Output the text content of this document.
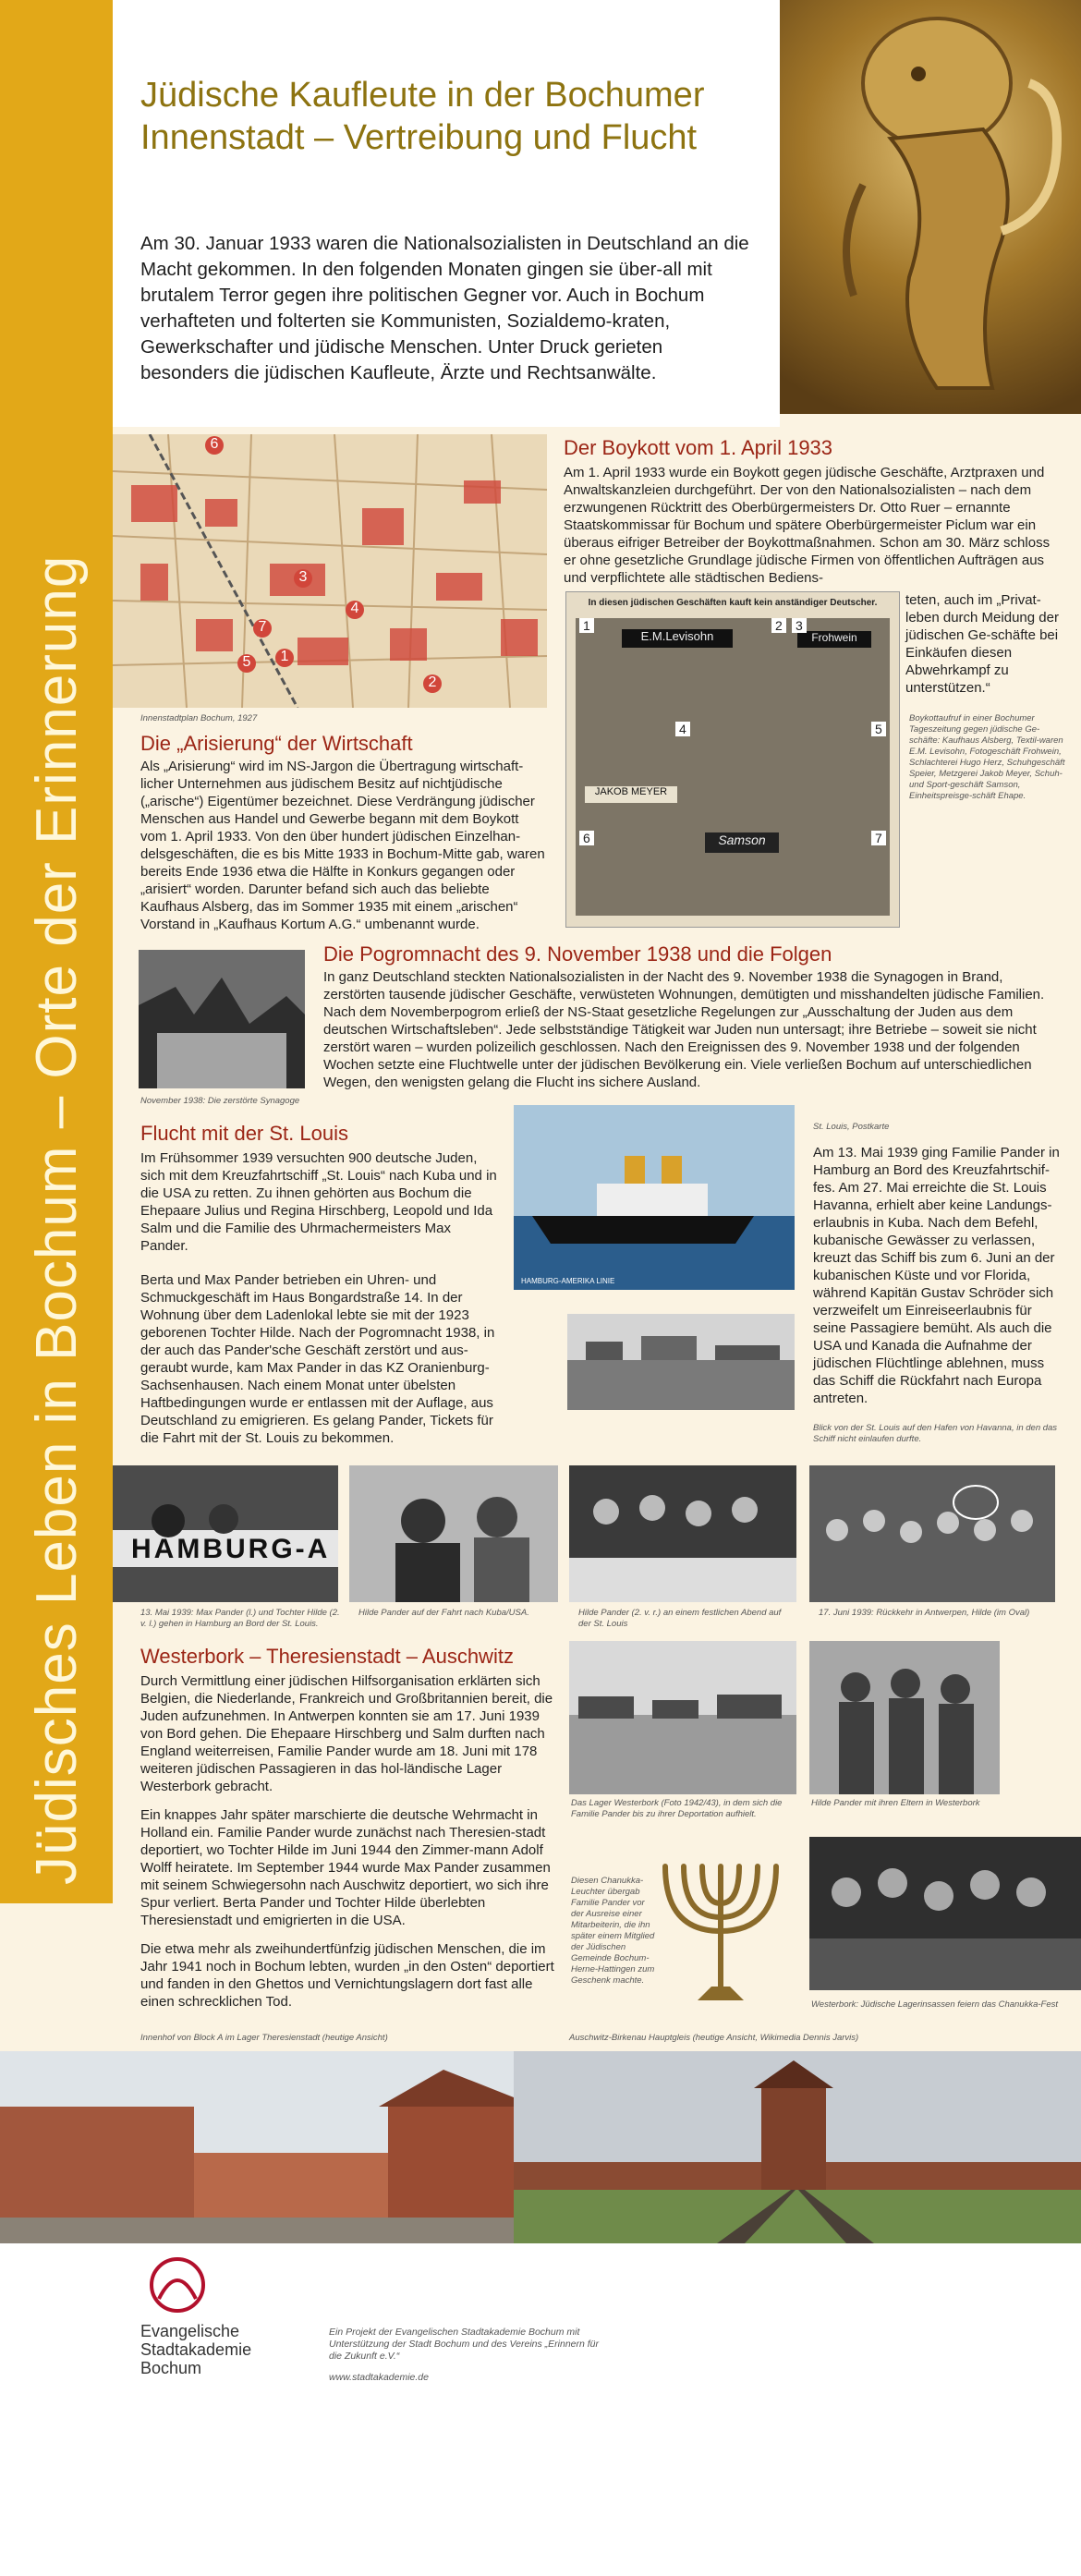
Jüdisches Leben in Bochum – Orte der Erinnerung
Jüdische Kaufleute in der Bochumer Innenstadt – Vertreibung und Flucht
Am 30. Januar 1933 waren die Nationalsozialisten in Deutschland an die Macht gekommen. In den folgenden Monaten gingen sie über-all mit brutalem Terror gegen ihre politischen Gegner vor. Auch in Bochum verhafteten und folterten sie Kommunisten, Sozialdemo-kraten, Gewerkschafter und jüdische Menschen. Unter Druck gerieten besonders die jüdischen Kaufleute, Ärzte und Rechtsanwälte.
6
3
4
7
5	1
2
Innenstadtplan Bochum, 1927
Der Boykott vom 1. April 1933
Am 1. April 1933 wurde ein Boykott gegen jüdische Geschäfte, Arztpraxen und Anwaltskanzleien durchgeführt. Der von den Nationalsozialisten – nach dem erzwungenen Rücktritt des Oberbürgermeisters Dr. Otto Ruer – ernannte Staatskommissar für Bochum und spätere Oberbürgermeister Piclum war ein überaus eifriger Betreiber der Boykottmaßnahmen. Schon am 30. März schloss er ohne gesetzliche Grundlage jüdische Firmen von öffentlichen Aufträgen aus und verpflichtete alle städtischen Bediens-
teten, auch im „Privat-leben durch Meidung der jüdischen Ge-schäfte bei Einkäufen diesen Abwehrkampf zu unterstützen.“
In diesen jüdischen Geschäften kauft kein anständiger Deutscher.
E.M.Levisohn	Frohwein
JAKOB MEYER
Samson
1	2 3
4	5
6	7
Boykottaufruf in einer Bochumer Tageszeitung gegen jüdische Ge-schäfte: Kaufhaus Alsberg, Textil-waren E.M. Levisohn, Fotogeschäft Frohwein, Schlachterei Hugo Herz, Schuhgeschäft Speier, Metzgerei Jakob Meyer, Schuh- und Sport-geschäft Samson, Einheitspreisge-schäft Ehape.
Die „Arisierung“ der Wirtschaft
Als „Arisierung“ wird im NS-Jargon die Übertragung wirtschaft-licher Unternehmen aus jüdischem Besitz auf nichtjüdische („arische“) Eigentümer bezeichnet. Diese Verdrängung jüdischer Menschen aus Handel und Gewerbe begann mit dem Boykott vom 1. April 1933. Von den über hundert jüdischen Einzelhan-delsgeschäften, die es bis Mitte 1933 in Bochum-Mitte gab, waren bereits Ende 1936 etwa die Hälfte in Konkurs gegangen oder „arisiert“ worden. Darunter befand sich auch das beliebte Kaufhaus Alsberg, das im Sommer 1935 mit einem „arischen“ Vorstand in „Kaufhaus Kortum A.G.“ umbenannt wurde.
November 1938: Die zerstörte Synagoge
Die Pogromnacht des 9. November 1938 und die Folgen
In ganz Deutschland steckten Nationalsozialisten in der Nacht des 9. November 1938 die Synagogen in Brand, zerstörten tausende jüdischer Geschäfte, verwüsteten Wohnungen, demütigten und misshandelten jüdische Familien. Nach dem Novemberpogrom erließ der NS-Staat gesetzliche Regelungen zur „Ausschaltung der Juden aus dem deutschen Wirtschaftsleben“. Jede selbstständige Tätigkeit war Juden nun untersagt; ihre Betriebe – soweit sie nicht zerstört waren – wurden polizeilich geschlossen. Nach den Ereignissen des 9. November 1938 und der folgenden Wochen setzte eine Fluchtwelle unter der jüdischen Bevölkerung ein. Viele verließen Bochum auf unterschiedlichen Wegen, den wenigsten gelang die Flucht ins sichere Ausland.
Flucht mit der St. Louis
Im Frühsommer 1939 versuchten 900 deutsche Juden, sich mit dem Kreuzfahrtschiff „St. Louis“ nach Kuba und in die USA zu retten. Zu ihnen gehörten aus Bochum die Ehepaare Julius und Regina Hirschberg, Leopold und Ida Salm und die Familie des Uhrmachermeisters Max Pander.
Berta und Max Pander betrieben ein Uhren- und Schmuckgeschäft im Haus Bongardstraße 14. In der Wohnung über dem Ladenlokal lebte sie mit der 1923 geborenen Tochter Hilde. Nach der Pogromnacht 1938, in der auch das Pander'sche Geschäft zerstört und aus-geraubt wurde, kam Max Pander in das KZ Oranienburg-Sachsenhausen. Nach einem Monat unter übelsten Haftbedingungen wurde er entlassen mit der Auflage, aus Deutschland zu emigrieren. Es gelang Pander, Tickets für die Fahrt mit der St. Louis zu bekommen.
HAMBURG-AMERIKA LINIE
St. Louis, Postkarte
Am 13. Mai 1939 ging Familie Pander in Hamburg an Bord des Kreuzfahrtschif-fes. Am 27. Mai erreichte die St. Louis Havanna, erhielt aber keine Landungs-erlaubnis in Kuba. Nach dem Befehl, kubanische Gewässer zu verlassen, kreuzt das Schiff bis zum 6. Juni an der kubanischen Küste und vor Florida, während Kapitän Gustav Schröder sich verzweifelt um Einreiseerlaubnis für seine Passagiere bemüht. Als auch die USA und Kanada die Aufnahme der jüdischen Flüchtlinge ablehnen, muss das Schiff die Rückfahrt nach Europa antreten.
Blick von der St. Louis auf den Hafen von Havanna, in den das Schiff nicht einlaufen durfte.
HAMBURG-A
13. Mai 1939: Max Pander (l.) und Tochter Hilde (2. v. l.) gehen in Hamburg an Bord der St. Louis.
Hilde Pander auf der Fahrt nach Kuba/USA.	Hilde Pander (2. v. r.) an einem festlichen Abend auf der St. Louis
17. Juni 1939: Rückkehr in Antwerpen, Hilde (im Oval)
Westerbork – Theresienstadt – Auschwitz
Durch Vermittlung einer jüdischen Hilfsorganisation erklärten sich Belgien, die Niederlande, Frankreich und Großbritannien bereit, die Juden aufzunehmen. In Antwerpen konnten sie am 17. Juni 1939 von Bord gehen. Die Ehepaare Hirschberg und Salm durften nach England weiterreisen, Familie Pander wurde am 18. Juni mit 178 weiteren jüdischen Passagieren in das hol-ländische Lager Westerbork gebracht.
Ein knappes Jahr später marschierte die deutsche Wehrmacht in Holland ein. Familie Pander wurde zunächst nach Theresien-stadt deportiert, wo Tochter Hilde im Juni 1944 den Zimmer-mann Adolf Wolff heiratete. Im September 1944 wurde Max Pander zusammen mit seinem Schwiegersohn nach Auschwitz deportiert, wo sich ihre Spur verliert. Berta Pander und Tochter Hilde überlebten Theresienstadt und emigrierten in die USA.
Die etwa mehr als zweihundertfünfzig jüdischen Menschen, die im Jahr 1941 noch in Bochum lebten, wurden „in den Osten“ deportiert und fanden in den Ghettos und Vernichtungslagern dort fast alle einen schrecklichen Tod.
Das Lager Westerbork (Foto 1942/43), in dem sich die Familie Pander bis zu ihrer Deportation aufhielt.
Hilde Pander mit ihren Eltern in Westerbork
Diesen Chanukka-Leuchter übergab Familie Pander vor der Ausreise einer Mitarbeiterin, die ihn später einem Mitglied der Jüdischen Gemeinde Bochum-Herne-Hattingen zum Geschenk machte.
Westerbork: Jüdische Lagerinsassen feiern das Chanukka-Fest
Innenhof von Block A im Lager Theresienstadt (heutige Ansicht)	Auschwitz-Birkenau Hauptgleis (heutige Ansicht, Wikimedia Dennis Jarvis)
Evangelische
Stadtakademie
Bochum
Ein Projekt der Evangelischen Stadtakademie Bochum mit Unterstützung der Stadt Bochum und des Vereins „Erinnern für die Zukunft e.V.“
www.stadtakademie.de
